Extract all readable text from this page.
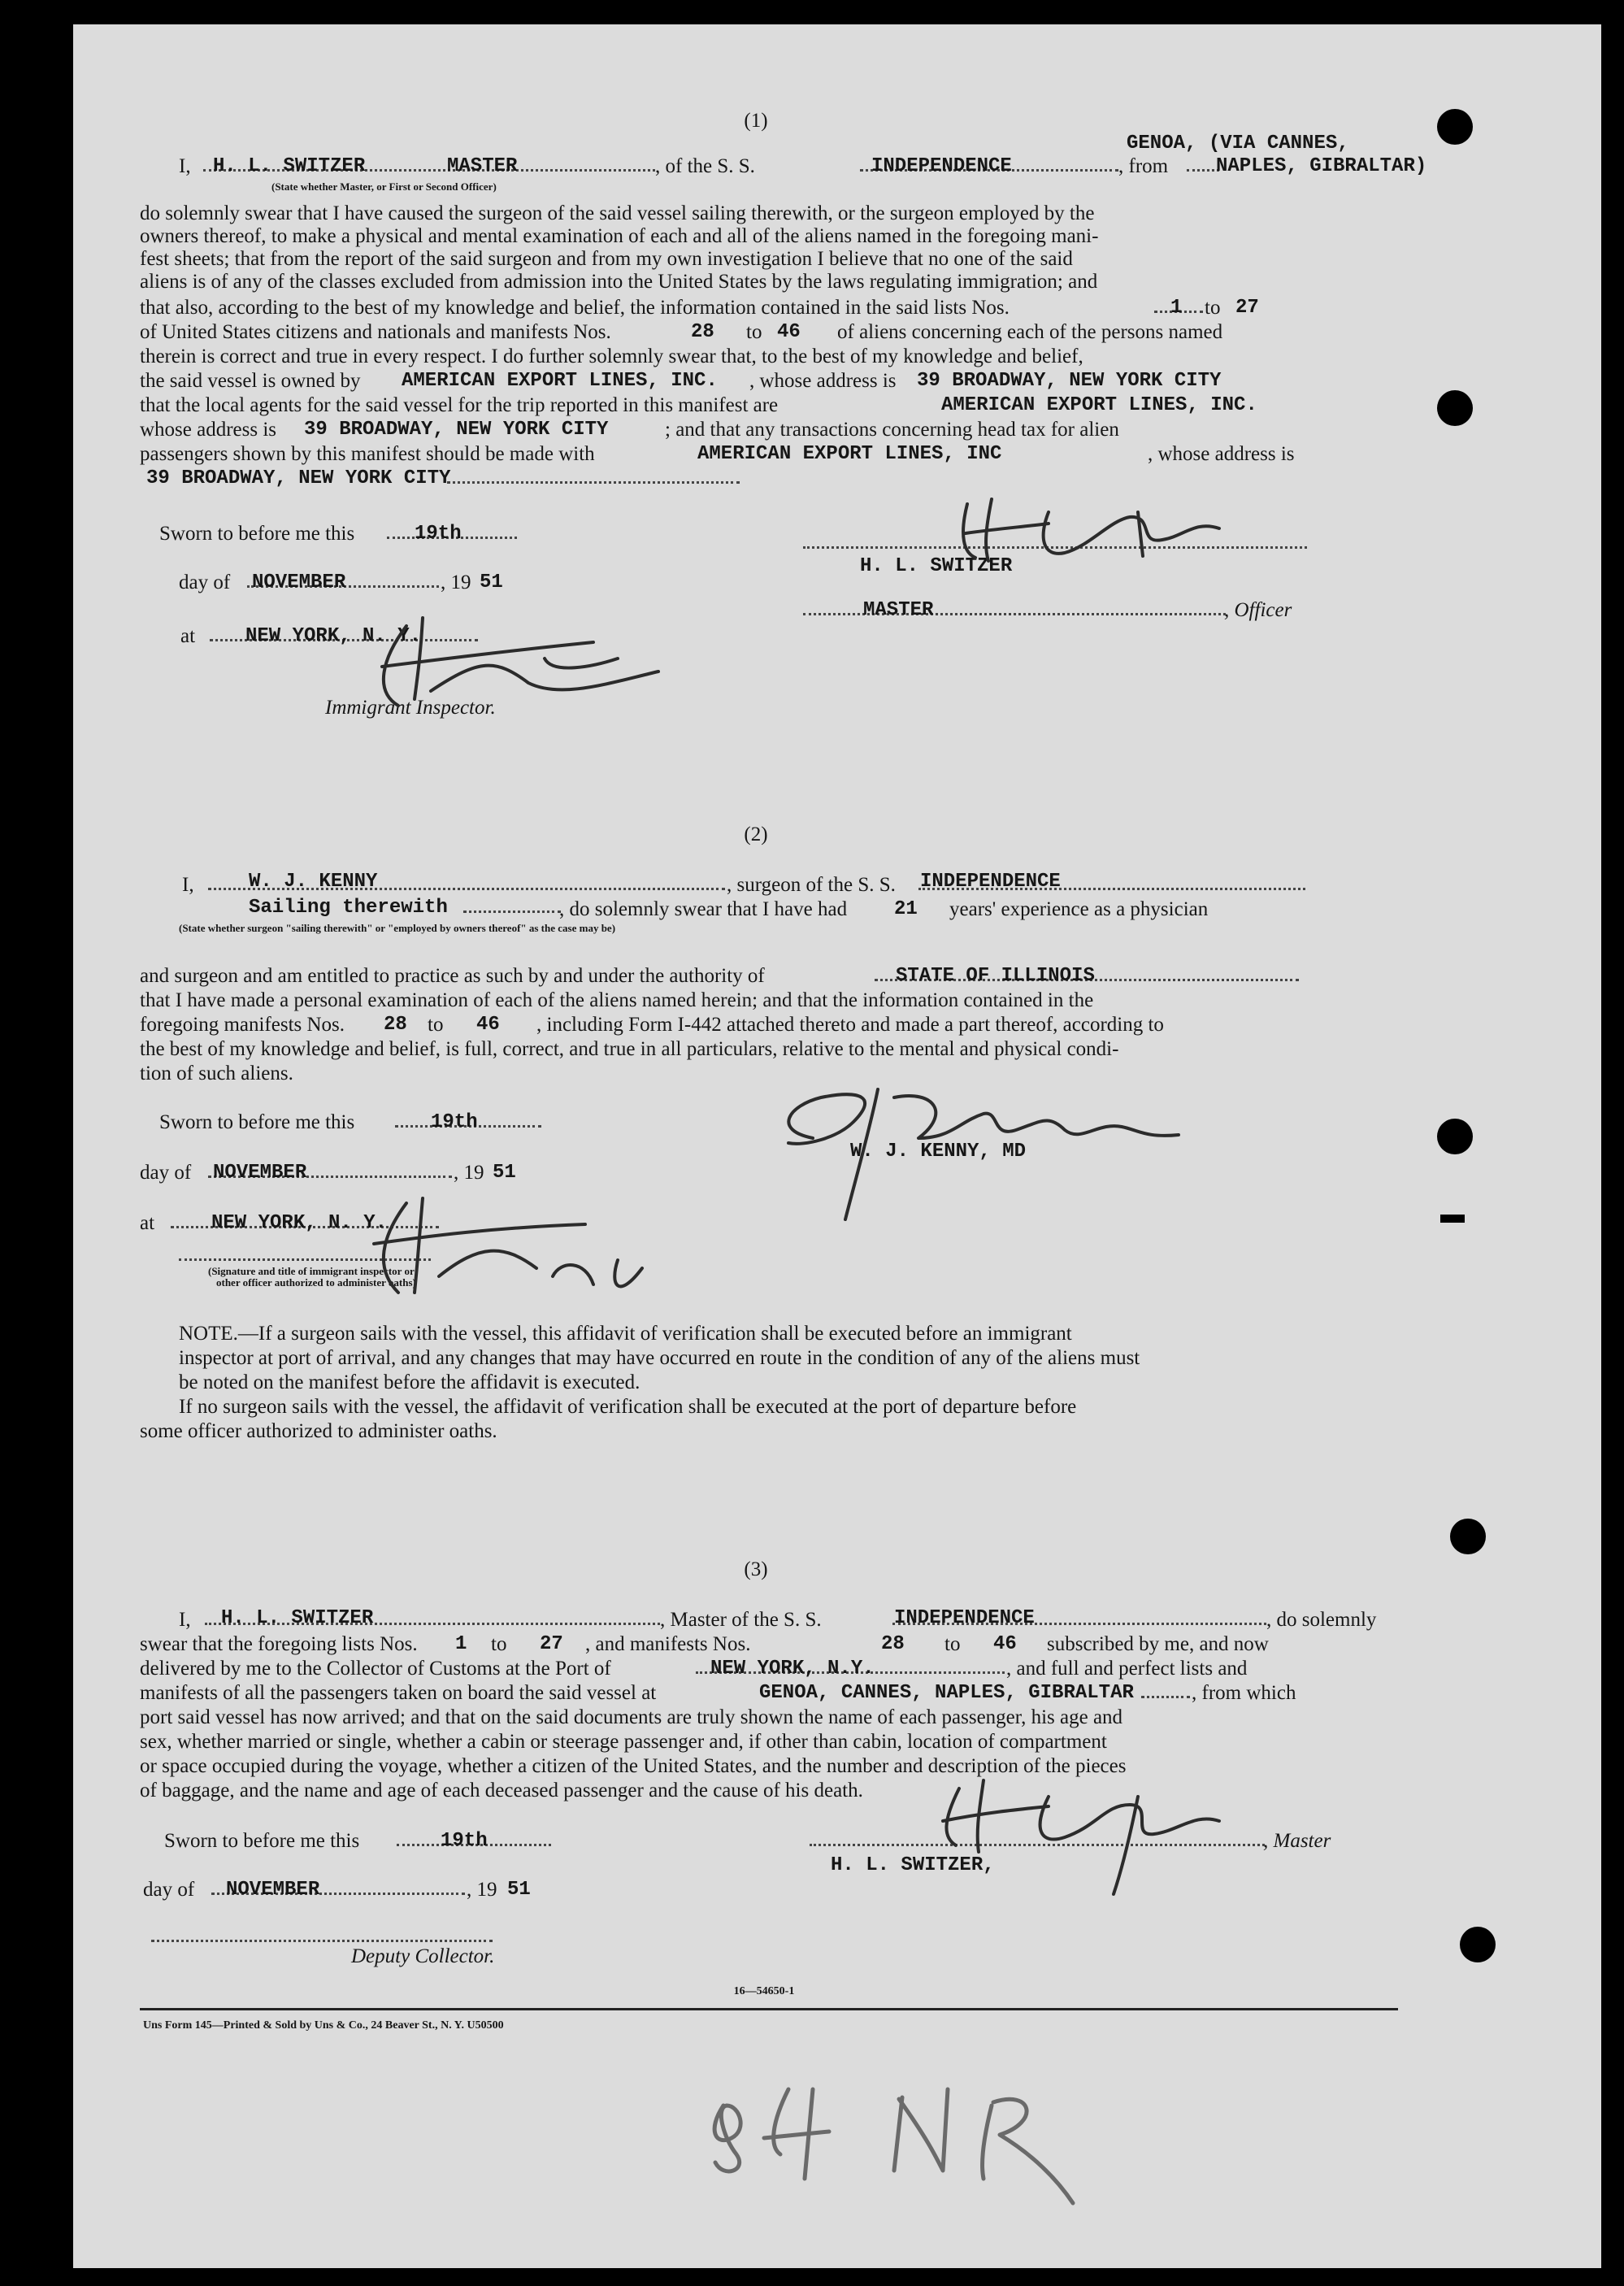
(1)
GENOA, (VIA CANNES,
I, H. L. SWITZER	MASTER	, of the S. S.	INDEPENDENCE	, from NAPLES, GIBRALTAR)
(State whether Master, or First or Second Officer)
do solemnly swear that I have caused the surgeon of the said vessel sailing therewith, or the surgeon employed by the
owners thereof, to make a physical and mental examination of each and all of the aliens named in the foregoing mani-
fest sheets; that from the report of the said surgeon and from my own investigation I believe that no one of the said
aliens is of any of the classes excluded from admission into the United States by the laws regulating immigration; and
that also, according to the best of my knowledge and belief, the information contained in the said lists Nos.	1 to 27
of United States citizens and nationals and manifests Nos.	28 to 46 of aliens concerning each of the persons named
therein is correct and true in every respect. I do further solemnly swear that, to the best of my knowledge and belief,
the said vessel is owned by AMERICAN EXPORT LINES, INC. , whose address is 39 BROADWAY, NEW YORK CITY
that the local agents for the said vessel for the trip reported in this manifest are	AMERICAN EXPORT LINES, INC.
whose address is 39 BROADWAY, NEW YORK CITY	; and that any transactions concerning head tax for alien
passengers shown by this manifest should be made with	AMERICAN EXPORT LINES, INC	, whose address is
39 BROADWAY, NEW YORK CITY
Sworn to before me this	19th
day of NOVEMBER	, 19 51
at	NEW YORK, N. Y.
Immigrant Inspector.
H. L. SWITZER
MASTER	, Officer
(2)
I,	W. J. KENNY	, surgeon of the S. S. INDEPENDENCE
Sailing therewith	, do solemnly swear that I have had 21 years' experience as a physician
(State whether surgeon "sailing therewith" or "employed by owners thereof" as the case may be)
and surgeon and am entitled to practice as such by and under the authority of	STATE OF ILLINOIS
that I have made a personal examination of each of the aliens named herein; and that the information contained in the
foregoing manifests Nos. 28 to 46 , including Form I-442 attached thereto and made a part thereof, according to
the best of my knowledge and belief, is full, correct, and true in all particulars, relative to the mental and physical condi-
tion of such aliens.
Sworn to before me this	19th
day of NOVEMBER	, 19 51
at	NEW YORK, N. Y.
(Signature and title of immigrant inspector or
other officer authorized to administer oaths)
W. J. KENNY, MD
NOTE.—If a surgeon sails with the vessel, this affidavit of verification shall be executed before an immigrant
inspector at port of arrival, and any changes that may have occurred en route in the condition of any of the aliens must
be noted on the manifest before the affidavit is executed.
If no surgeon sails with the vessel, the affidavit of verification shall be executed at the port of departure before
some officer authorized to administer oaths.
(3)
I, H. L. SWITZER	, Master of the S. S.	INDEPENDENCE	, do solemnly
swear that the foregoing lists Nos. 1 to 27 , and manifests Nos.	28 to 46 subscribed by me, and now
delivered by me to the Collector of Customs at the Port of	NEW YORK, N.Y.	, and full and perfect lists and
manifests of all the passengers taken on board the said vessel at	GENOA, CANNES, NAPLES, GIBRALTAR	, from which
port said vessel has now arrived; and that on the said documents are truly shown the name of each passenger, his age and
sex, whether married or single, whether a cabin or steerage passenger and, if other than cabin, location of compartment
or space occupied during the voyage, whether a citizen of the United States, and the number and description of the pieces
of baggage, and the name and age of each deceased passenger and the cause of his death.
Sworn to before me this	19th	, Master
H. L. SWITZER,
day of NOVEMBER	, 19 51
Deputy Collector.
16—54650-1
Uns Form 145—Printed & Sold by Uns & Co., 24 Beaver St., N. Y. U50500
